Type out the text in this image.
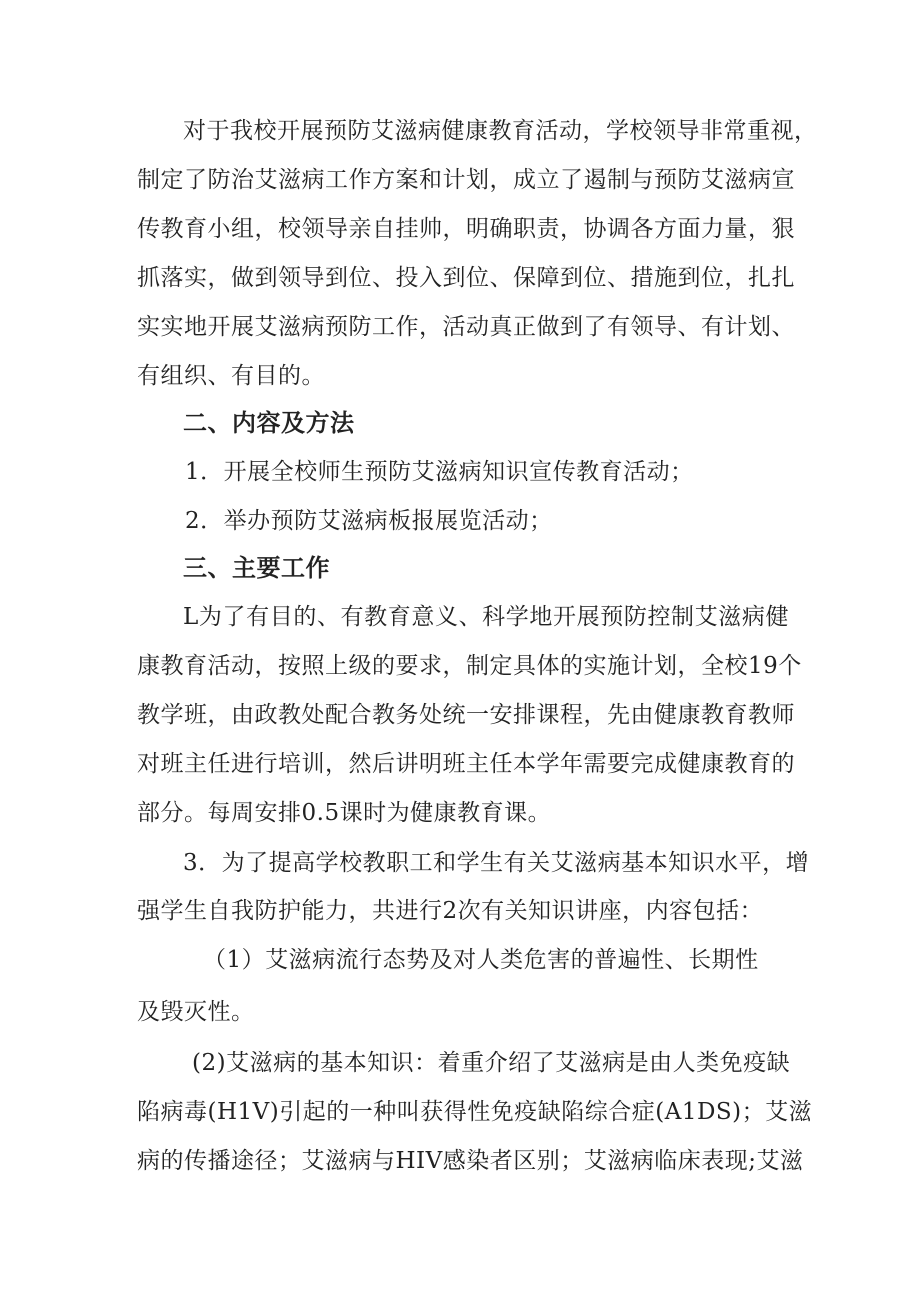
对于我校开展预防艾滋病健康教育活动，学校领导非常重视，
制定了防治艾滋病工作方案和计划，成立了遏制与预防艾滋病宣
传教育小组，校领导亲自挂帅，明确职责，协调各方面力量，狠
抓落实，做到领导到位、投入到位、保障到位、措施到位，扎扎
实实地开展艾滋病预防工作，活动真正做到了有领导、有计划、
有组织、有目的。
二、内容及方法
1．开展全校师生预防艾滋病知识宣传教育活动；
2．举办预防艾滋病板报展览活动；
三、主要工作
L为了有目的、有教育意义、科学地开展预防控制艾滋病健
康教育活动，按照上级的要求，制定具体的实施计划，全校19个
教学班，由政教处配合教务处统一安排课程，先由健康教育教师
对班主任进行培训，然后讲明班主任本学年需要完成健康教育的
部分。每周安排0.5课时为健康教育课。
3．为了提高学校教职工和学生有关艾滋病基本知识水平，增
强学生自我防护能力，共进行2次有关知识讲座，内容包括：
（1）艾滋病流行态势及对人类危害的普遍性、长期性
及毁灭性。
(2)艾滋病的基本知识：着重介绍了艾滋病是由人类免疫缺
陷病毒(H1V)引起的一种叫获得性免疫缺陷综合症(A1DS)；艾滋
病的传播途径；艾滋病与HIV感染者区别；艾滋病临床表现;艾滋
